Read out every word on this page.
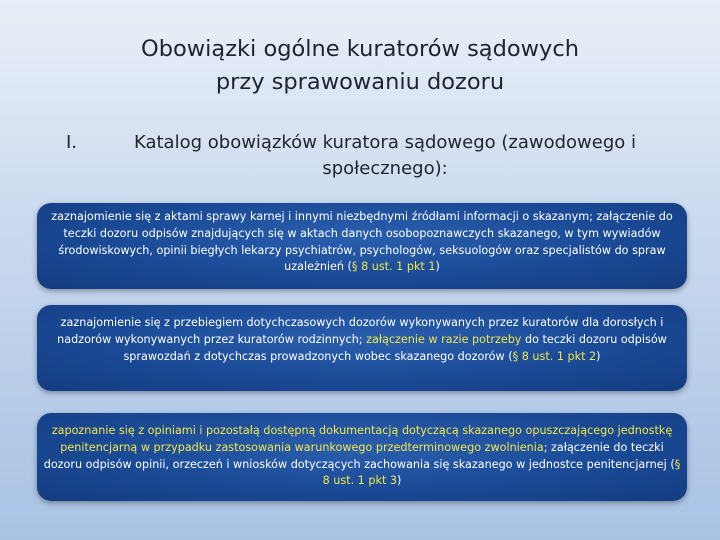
Obowiązki ogólne kuratorów sądowych
przy sprawowaniu dozoru
I.	Katalog obowiązków kuratora sądowego (zawodowego i społecznego):
zaznajomienie się z aktami sprawy karnej i innymi niezbędnymi źródłami informacji o skazanym; załączenie do teczki dozoru odpisów znajdujących się w aktach danych osobopoznawczych skazanego, w tym wywiadów środowiskowych, opinii biegłych lekarzy psychiatrów, psychologów, seksuologów oraz specjalistów do spraw uzależnień (§ 8 ust. 1 pkt 1)
zaznajomienie się z przebiegiem dotychczasowych dozorów wykonywanych przez kuratorów dla dorosłych i nadzorów wykonywanych przez kuratorów rodzinnych; załączenie w razie potrzeby do teczki dozoru odpisów sprawozdań z dotychczas prowadzonych wobec skazanego dozorów (§ 8 ust. 1 pkt 2)
zapoznanie się z opiniami i pozostałą dostępną dokumentacją dotyczącą skazanego opuszczającego jednostkę penitencjarną w przypadku zastosowania warunkowego przedterminowego zwolnienia; załączenie do teczki dozoru odpisów opinii, orzeczeń i wniosków dotyczących zachowania się skazanego w jednostce penitencjarnej (§ 8 ust. 1 pkt 3)
